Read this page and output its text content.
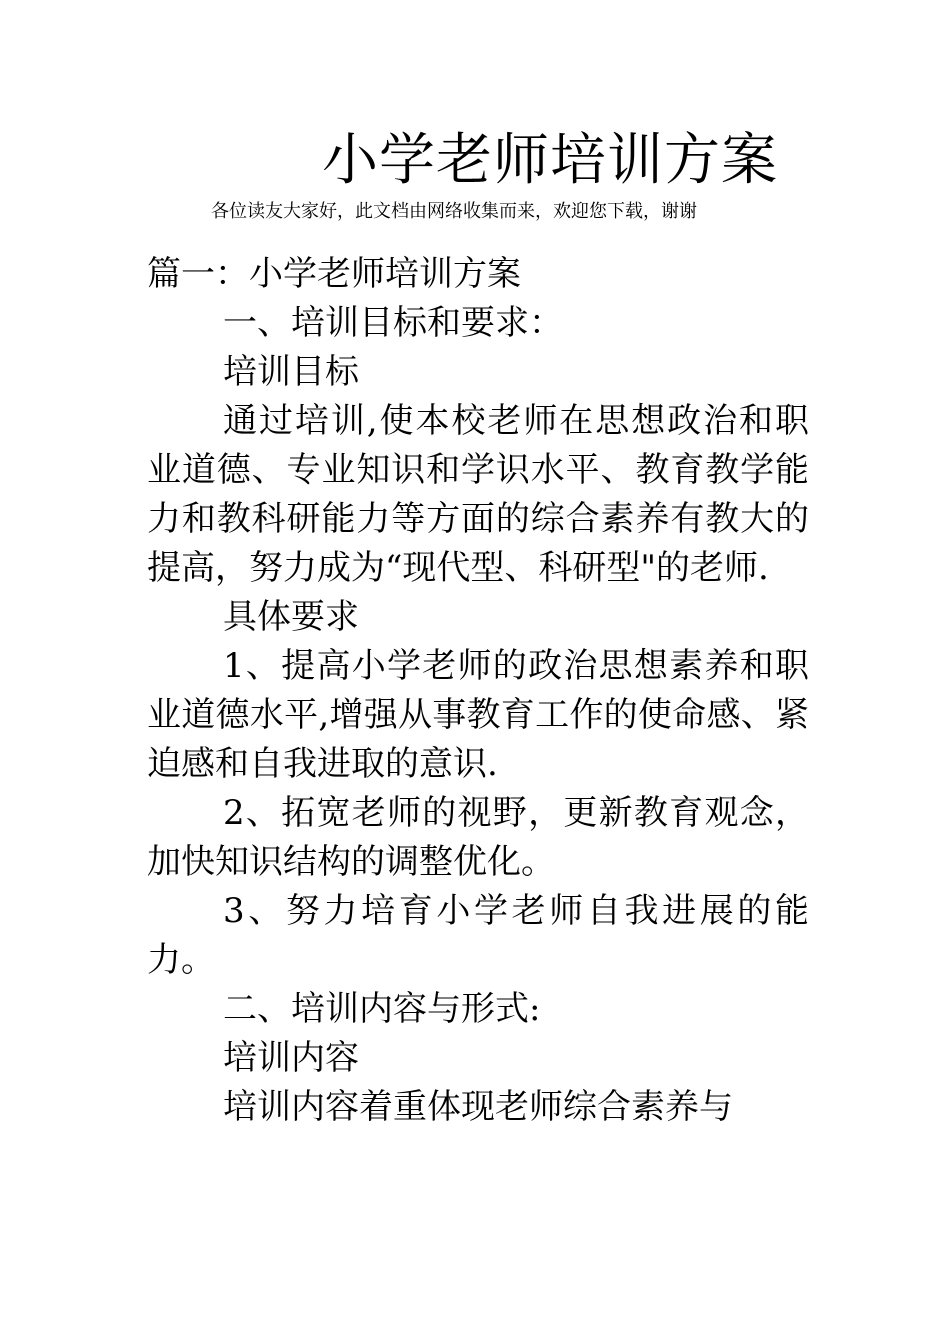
小学老师培训方案
各位读友大家好，此文档由网络收集而来，欢迎您下载，谢谢

篇一：小学老师培训方案

一、培训目标和要求：

培训目标

通过培训,使本校老师在思想政治和职业道德、专业知识和学识水平、教育教学能力和教科研能力等方面的综合素养有教大的提高，努力成为“现代型、科研型"的老师.

具体要求

1、提高小学老师的政治思想素养和职业道德水平,增强从事教育工作的使命感、紧迫感和自我进取的意识.

2、拓宽老师的视野，更新教育观念，加快知识结构的调整优化。

3、努力培育小学老师自我进展的能力。

二、培训内容与形式:

培训内容

培训内容着重体现老师综合素养与
